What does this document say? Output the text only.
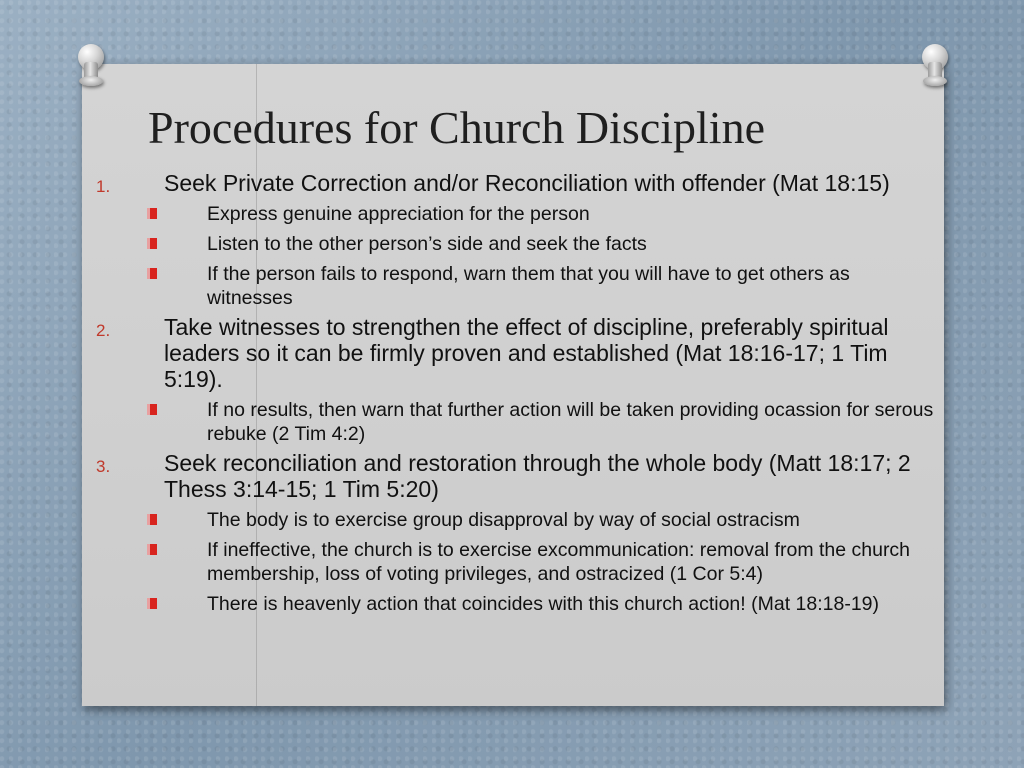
Procedures for Church Discipline
1. Seek Private Correction and/or Reconciliation with offender (Mat 18:15)
Express genuine appreciation for the person
Listen to the other person’s side and seek the facts
If the person fails to respond, warn them that you will have to get others as witnesses
2. Take witnesses to strengthen the effect of discipline, preferably spiritual leaders so it can be firmly proven and established (Mat 18:16-17; 1 Tim 5:19).
If no results, then warn that further action will be taken providing ocassion for serous rebuke (2 Tim 4:2)
3. Seek reconciliation and restoration through the whole body (Matt 18:17; 2 Thess 3:14-15; 1 Tim 5:20)
The body is to exercise group disapproval by way of social ostracism
If ineffective, the church is to exercise excommunication: removal from the church membership, loss of voting privileges, and ostracized (1 Cor 5:4)
There is heavenly action that coincides with this church action! (Mat 18:18-19)
